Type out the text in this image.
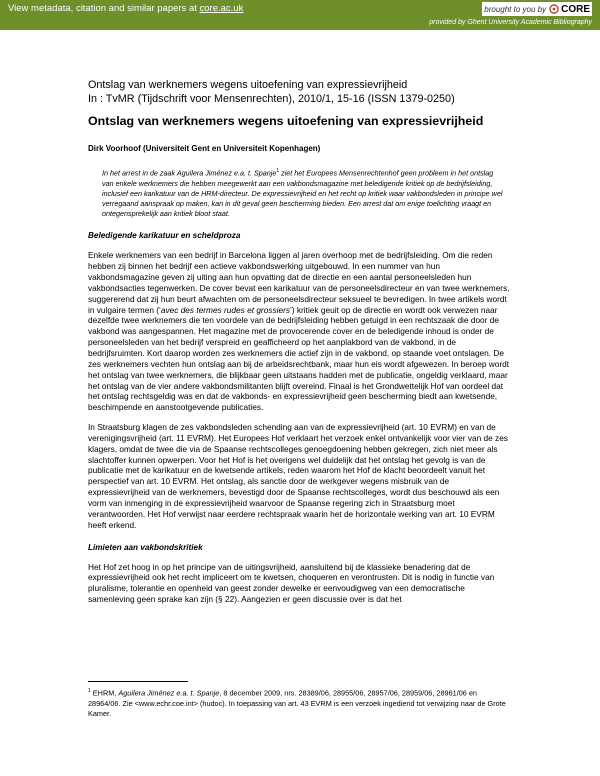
View metadata, citation and similar papers at core.ac.uk	brought to you by CORE
provided by Ghent University Academic Bibliography
Ontslag van werknemers wegens uitoefening van expressievrijheid
In : TvMR (Tijdschrift voor Mensenrechten), 2010/1, 15-16 (ISSN 1379-0250)
Ontslag van werknemers wegens uitoefening van expressievrijheid
Dirk Voorhoof (Universiteit Gent en Universiteit Kopenhagen)
In het arrest in de zaak Aguilera Jiménez e.a. t. Spanje$^1$ ziet het Europees Mensenrechtenhof geen probleem in het ontslag van enkele werknemers die hebben meegewerkt aan een vakbondsmagazine met beledigende kritiek op de bedrijfsleiding, inclusief een karikatuur van de HRM-directeur. De expressievrijheid en het recht op kritiek waar vakbondsleden in principe wel verregaand aanspraak op maken, kan in dit geval geen bescherming bieden. Een arrest dat om enige toelichting vraagt en ontegensprekelijk aan kritiek bloot staat.
Beledigende karikatuur en scheldproza
Enkele werknemers van een bedrijf in Barcelona liggen al jaren overhoop met de bedrijfsleiding. Om die reden hebben zij binnen het bedrijf een actieve vakbondswerking uitgebouwd. In een nummer van hun vakbondsmagazine geven zij uiting aan hun opvatting dat de directie en een aantal personeelsleden hun vakbondsacties tegenwerken. De cover bevat een karikatuur van de personeelsdirecteur en van twee werknemers, suggererend dat zij hun beurt afwachten om de personeelsdirecteur seksueel te bevredigen. In twee artikels wordt in vulgaire termen (‘avec des termes rudes et grossiers’) kritiek geuit op de directie en wordt ook verwezen naar dezelfde twee werknemers die ten voordele van de bedrijfsleiding hebben getuigd in een rechtszaak die door de vakbond was aangespannen. Het magazine met de provocerende cover en de beledigende inhoud is onder de personeelsleden van het bedrijf verspreid en geafficheerd op het aanplakbord van de vakbond, in de bedrijfsruimten. Kort daarop worden zes werknemers die actief zijn in de vakbond, op staande voet ontslagen. De zes werknemers vechten hun ontslag aan bij de arbeidsrechtbank, maar hun eis wordt afgewezen. In beroep wordt het ontslag van twee werknemers, die blijkbaar geen uitstaans hadden met de publicatie, ongeldig verklaard, maar het ontslag van de vier andere vakbondsmilitanten blijft overeind. Finaal is het Grondwettelijk Hof van oordeel dat het ontslag rechtsgeldig was en dat de vakbonds- en expressievrijheid geen bescherming biedt aan kwetsende, beschimpende en aanstootgevende publicaties.
In Straatsburg klagen de zes vakbondsleden schending aan van de expressievrijheid (art. 10 EVRM) en van de verenigingsvrijheid (art. 11 EVRM). Het Europees Hof verklaart het verzoek enkel ontvankelijk voor vier van de zes klagers, omdat de twee die via de Spaanse rechtscolleges genoegdoening hebben gekregen, zich niet meer als slachtoffer kunnen opwerpen. Voor het Hof is het overigens wel duidelijk dat het ontslag het gevolg is van de publicatie met de karikatuur en de kwetsende artikels, reden waarom het Hof de klacht beoordeelt vanuit het perspectief van art. 10 EVRM. Het ontslag, als sanctie door de werkgever wegens misbruik van de expressievrijheid van de werknemers, bevestigd door de Spaanse rechtscolleges, wordt dus beschouwd als een vorm van inmenging in de expressievrijheid waarvoor de Spaanse regering zich in Straatsburg moet verantwoorden. Het Hof verwijst naar eerdere rechtspraak waarin het de horizontale werking van art. 10 EVRM heeft erkend.
Limieten aan vakbondskritiek
Het Hof zet hoog in op het principe van de uitingsvrijheid, aansluitend bij de klassieke benadering dat de expressievrijheid ook het recht impliceert om te kwetsen, choqueren en verontrusten. Dit is nodig in functie van pluralisme, tolerantie en openheid van geest zonder dewelke er eenvoudigweg van een democratische samenleving geen sprake kan zijn (§ 22). Aangezien er geen discussie over is dat het
$^1$ EHRM, Aguilera Jiménez e.a. t. Spanje, 8 december 2009, nrs. 28389/06, 28955/06, 28957/06, 28959/06, 28961/06 en 28964/06. Zie <www.echr.coe.int> (hudoc). In toepassing van art. 43 EVRM is een verzoek ingediend tot verwijzing naar de Grote Kamer.
